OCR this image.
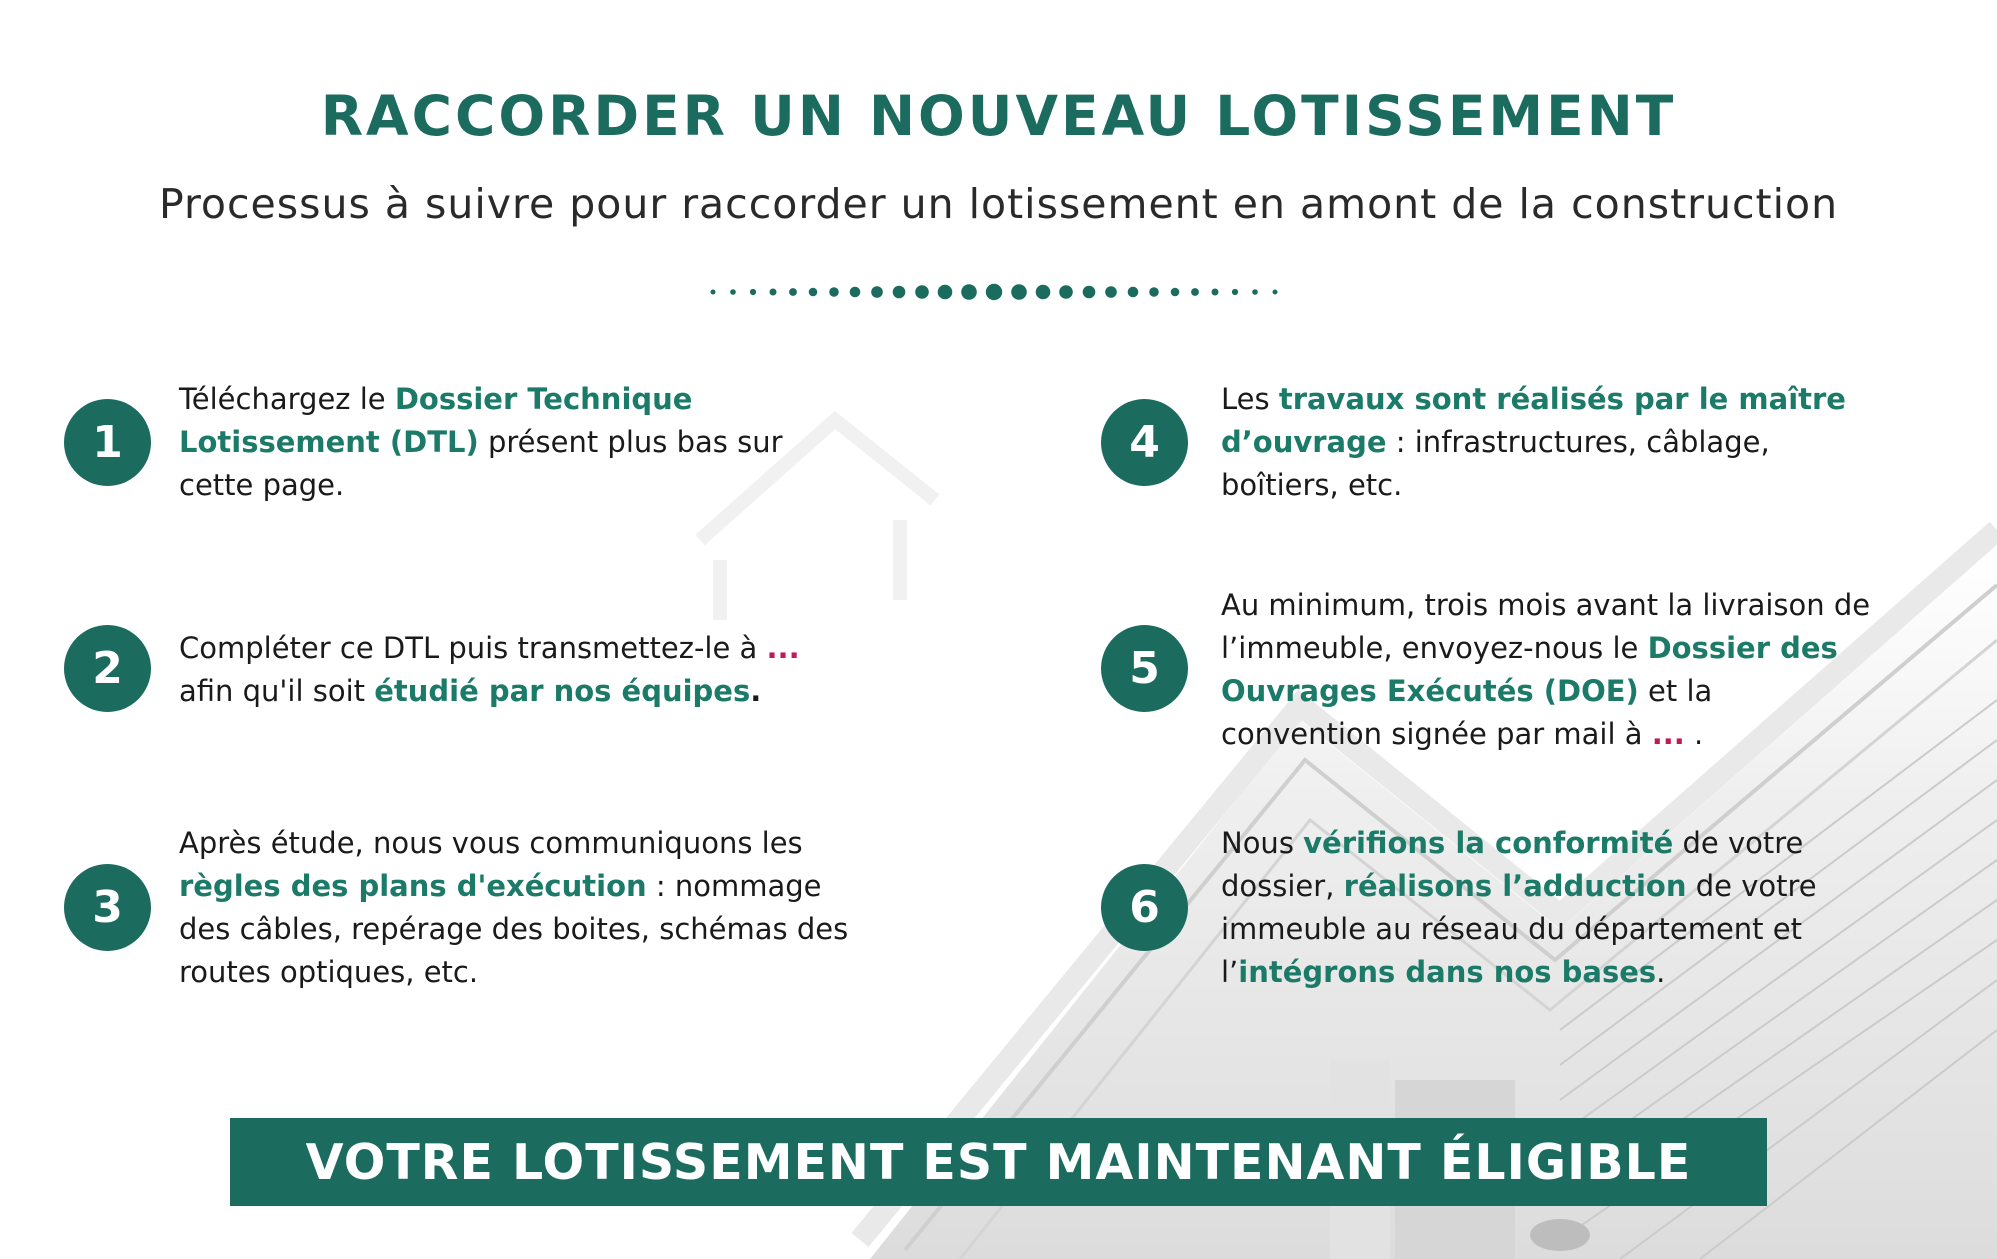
RACCORDER UN NOUVEAU LOTISSEMENT
Processus à suivre pour raccorder un lotissement en amont de la construction
1
Téléchargez le Dossier Technique Lotissement (DTL) présent plus bas sur cette page.
2	Compléter ce DTL puis transmettez-le à ... afin qu'il soit étudié par nos équipes.
3
Après étude, nous vous communiquons les règles des plans d'exécution : nommage des câbles, repérage des boites, schémas des routes optiques, etc.
4
Les travaux sont réalisés par le maître d’ouvrage : infrastructures, câblage, boîtiers, etc.
5
Au minimum, trois mois avant la livraison de l’immeuble, envoyez-nous le Dossier des Ouvrages Exécutés (DOE) et la convention signée par mail à ... .
6
Nous vérifions la conformité de votre dossier, réalisons l’adduction de votre immeuble au réseau du département et l’intégrons dans nos bases.
VOTRE LOTISSEMENT EST MAINTENANT ÉLIGIBLE
